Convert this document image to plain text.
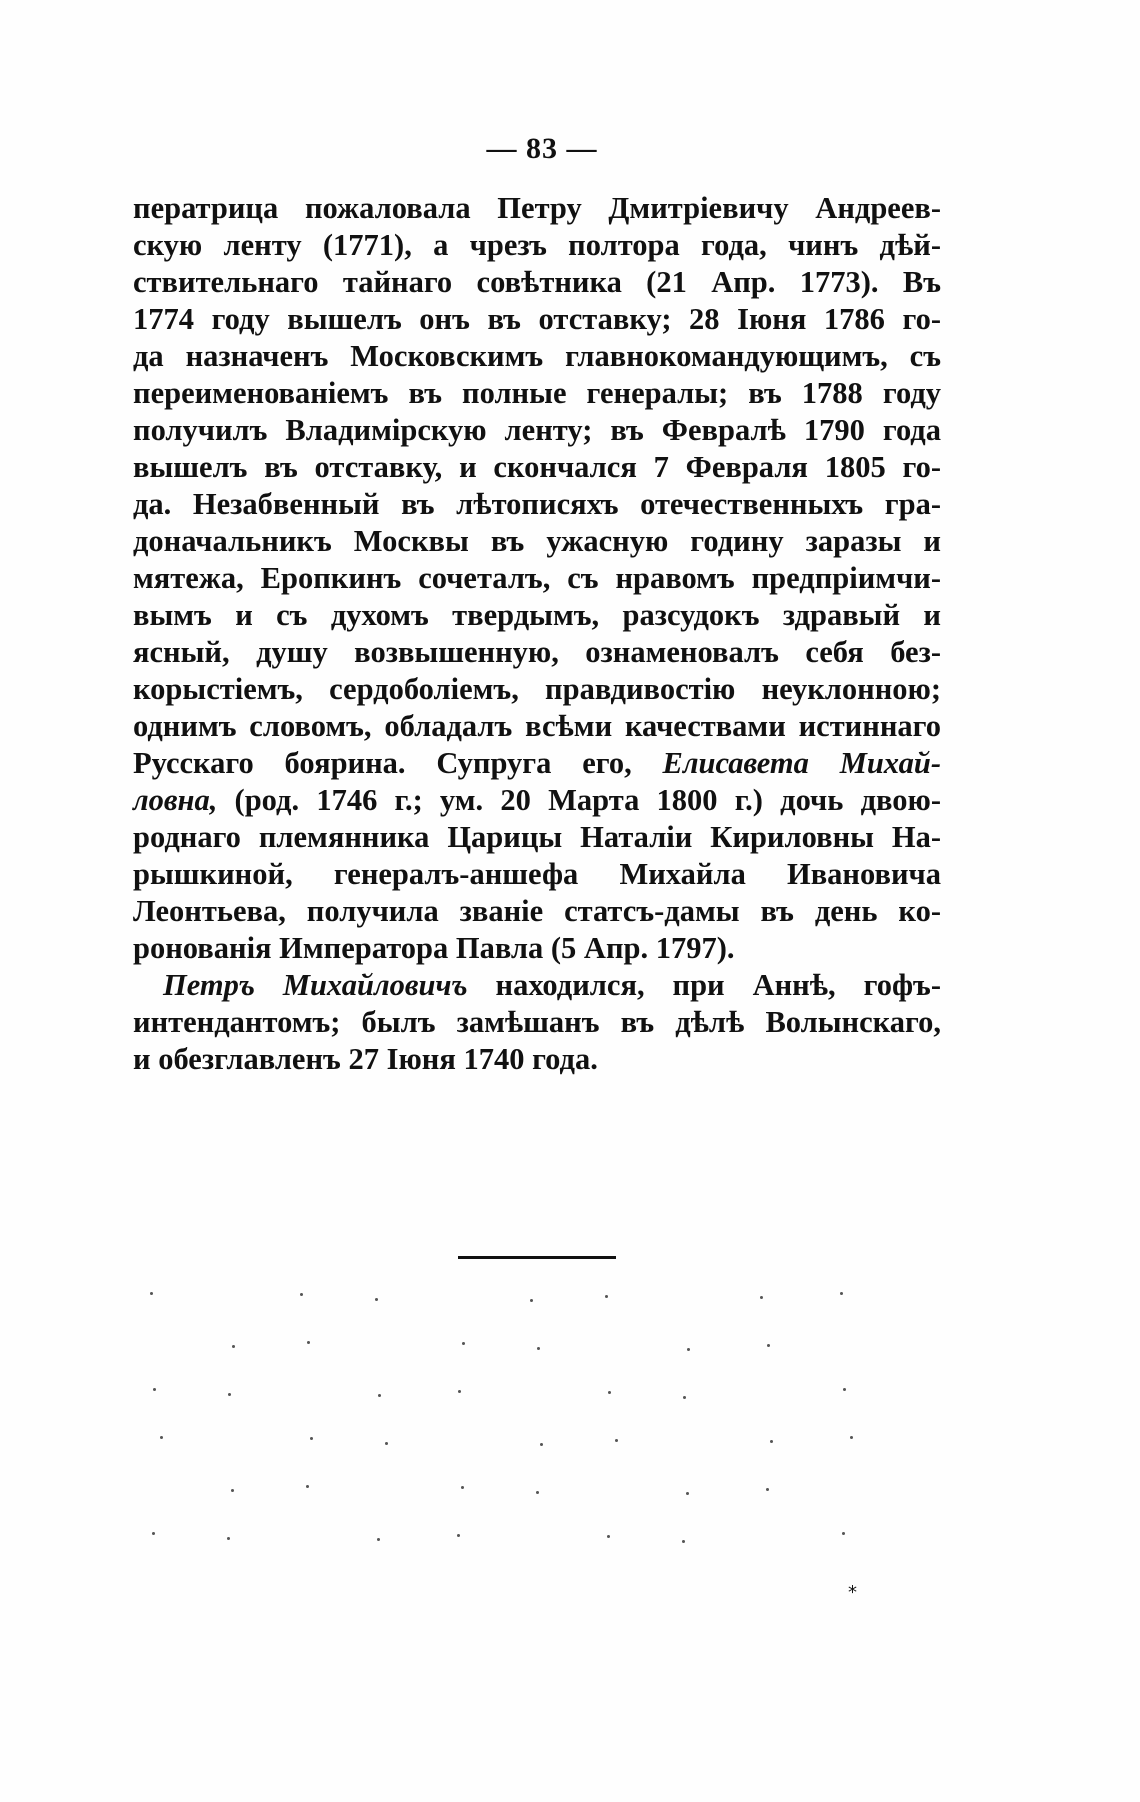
— 83 —
ператрица пожаловала Петру Дмитріевичу Андреев-
скую ленту (1771), а чрезъ полтора года, чинъ дѣй-
ствительнаго тайнаго совѣтника (21 Апр. 1773). Въ
1774 году вышелъ онъ въ отставку; 28 Іюня 1786 го-
да назначенъ Московскимъ главнокомандующимъ, съ
переименованіемъ въ полные генералы; въ 1788 году
получилъ Владимірскую ленту; въ Февралѣ 1790 года
вышелъ въ отставку, и скончался 7 Февраля 1805 го-
да. Незабвенный въ лѣтописяхъ отечественныхъ гра-
доначальникъ Москвы въ ужасную годину заразы и
мятежа, Еропкинъ сочеталъ, съ нравомъ предпріимчи-
вымъ и съ духомъ твердымъ, разсудокъ здравый и
ясный, душу возвышенную, ознаменовалъ себя без-
корыстіемъ, сердоболіемъ, правдивостію неуклонною;
однимъ словомъ, обладалъ всѣми качествами истиннаго
Русскаго боярина. Супруга его, Елисавета Михай-
ловна, (род. 1746 г.; ум. 20 Марта 1800 г.) дочь двою-
роднаго племянника Царицы Наталіи Кириловны На-
рышкиной, генералъ-аншефа Михайла Ивановича
Леонтьева, получила званіе статсъ-дамы въ день ко-
ронованія Императора Павла (5 Апр. 1797).
Петръ Михайловичъ находился, при Аннѣ, гофъ-
интендантомъ; былъ замѣшанъ въ дѣлѣ Волынскаго,
и обезглавленъ 27 Іюня 1740 года.
*
